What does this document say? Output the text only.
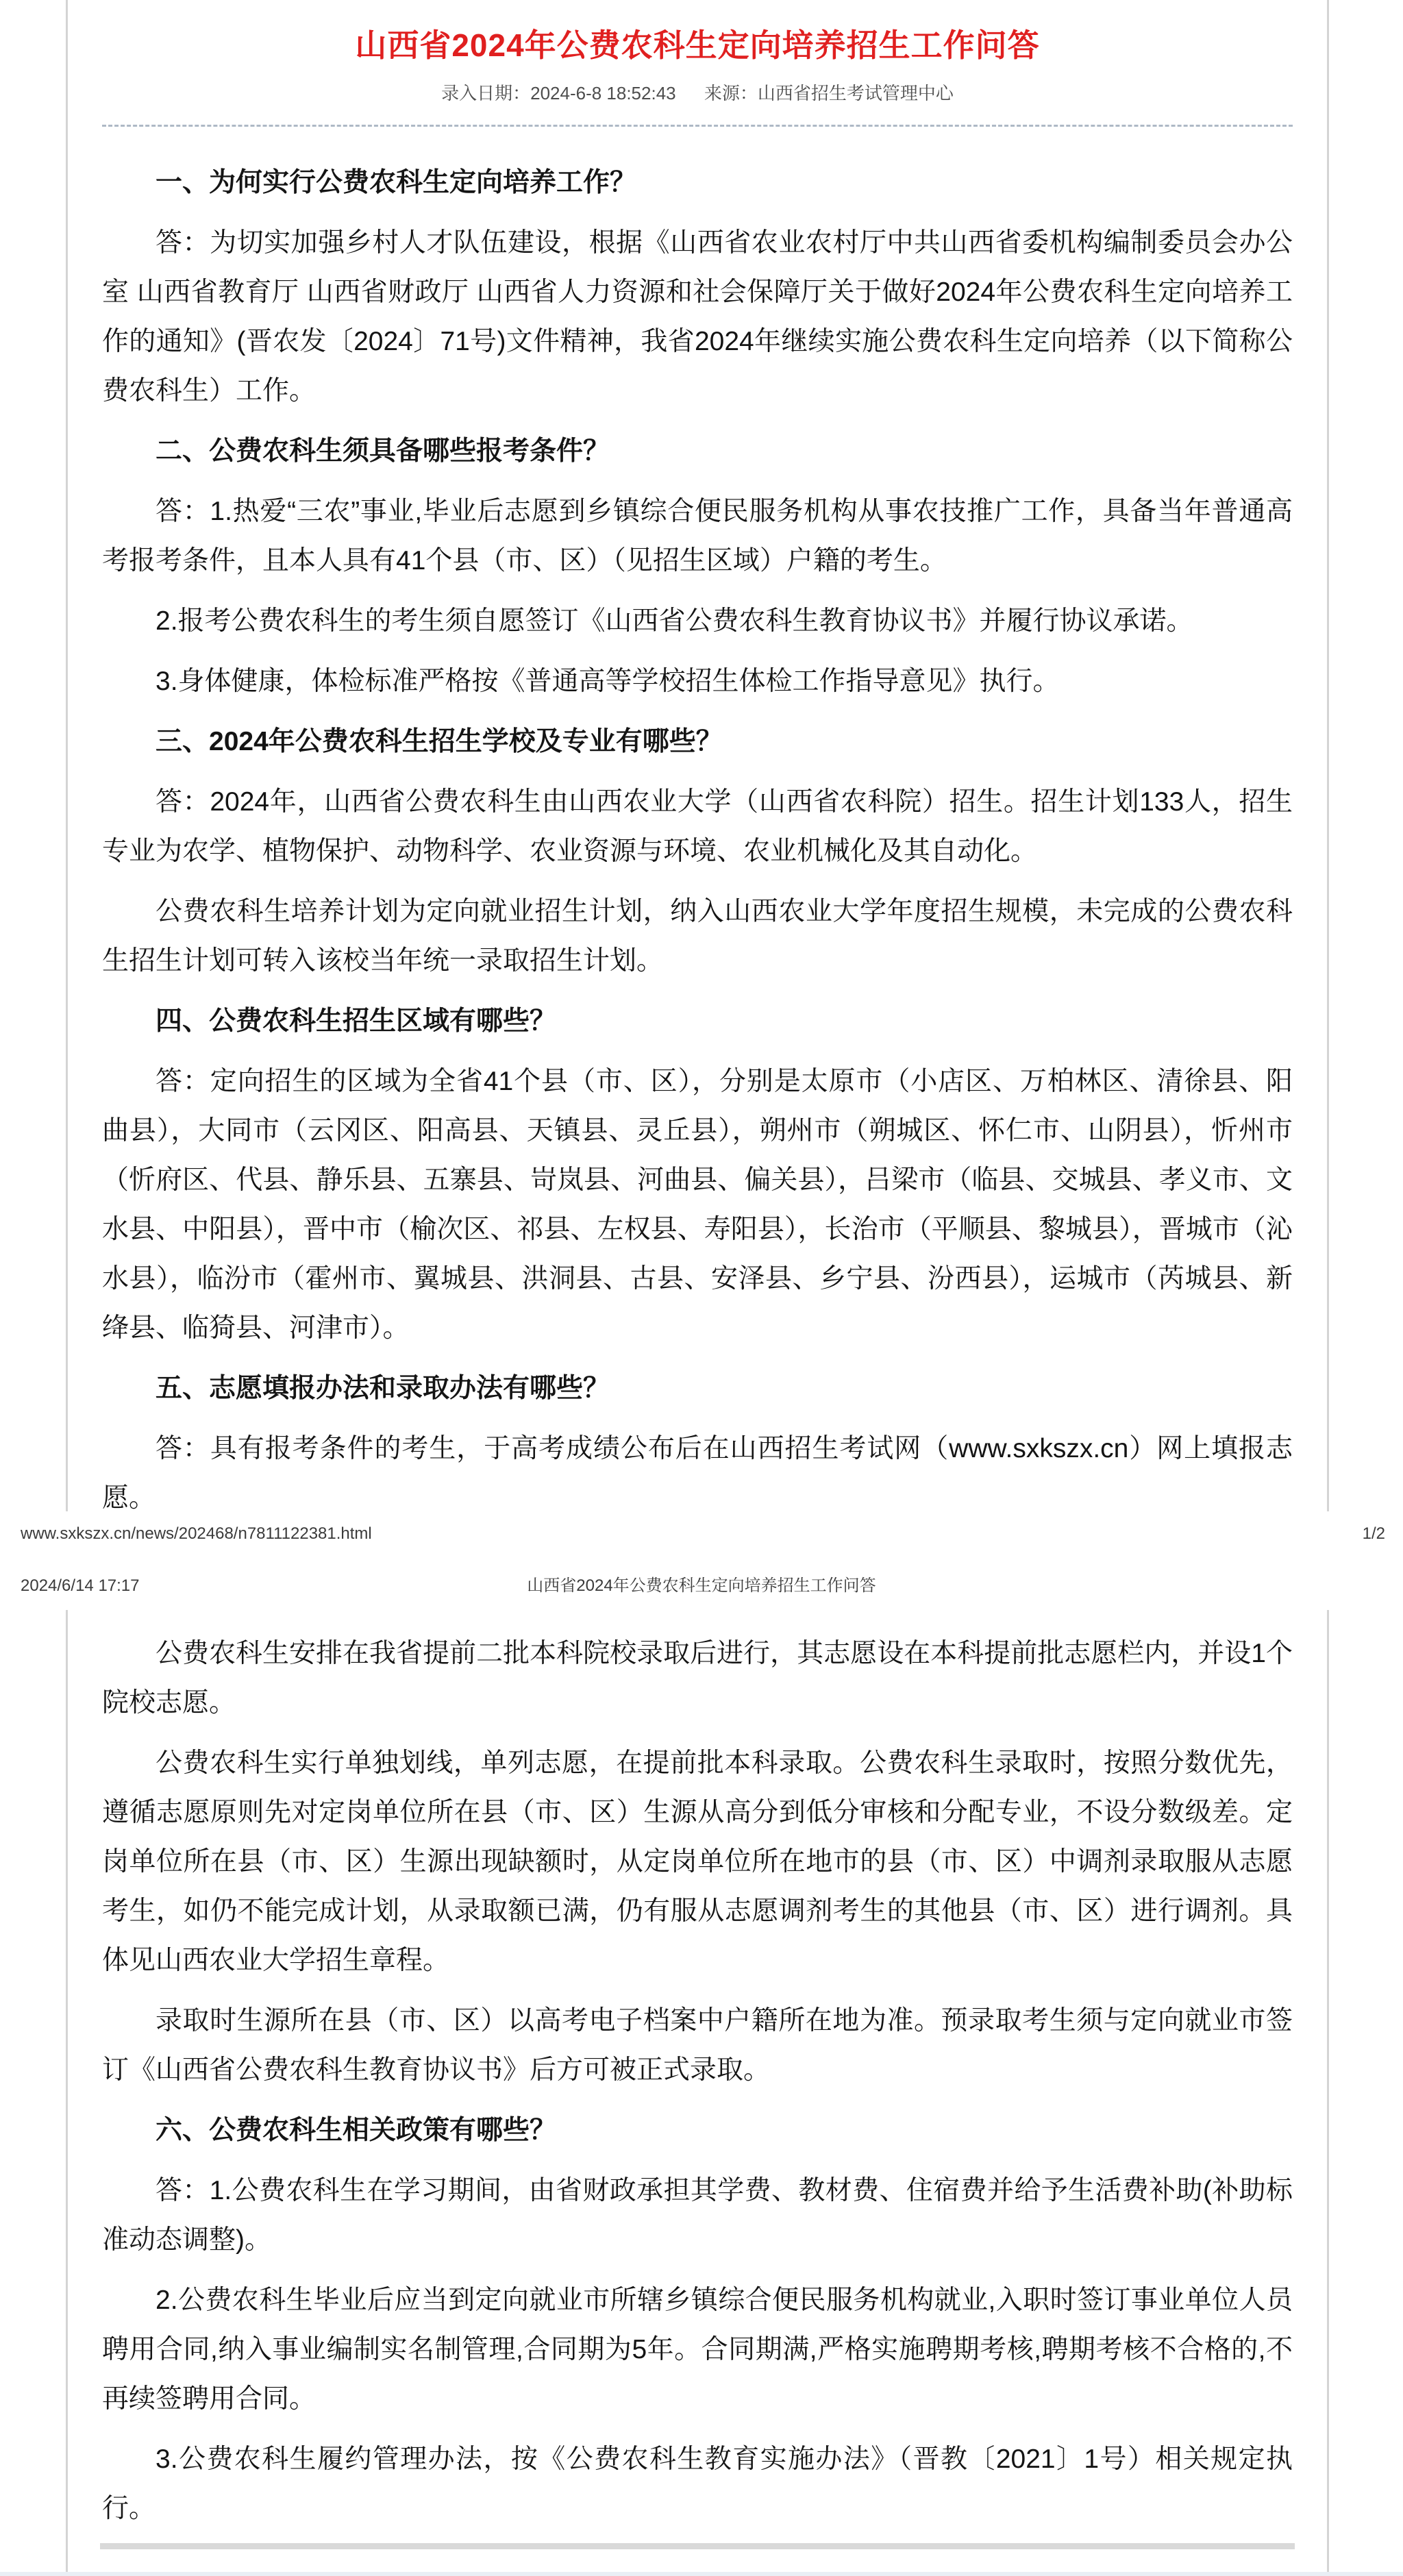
山西省2024年公费农科生定向培养招生工作问答
录入日期：2024-6-8 18:52:43 来源：山西省招生考试管理中心
一、为何实行公费农科生定向培养工作？
答：为切实加强乡村人才队伍建设，根据《山西省农业农村厅中共山西省委机构编制委员会办公室 山西省教育厅 山西省财政厅 山西省人力资源和社会保障厅关于做好2024年公费农科生定向培养工作的通知》(晋农发〔2024〕71号)文件精神，我省2024年继续实施公费农科生定向培养（以下简称公费农科生）工作。
二、公费农科生须具备哪些报考条件？
答：1.热爱“三农”事业,毕业后志愿到乡镇综合便民服务机构从事农技推广工作，具备当年普通高考报考条件，且本人具有41个县（市、区）（见招生区域）户籍的考生。
2.报考公费农科生的考生须自愿签订《山西省公费农科生教育协议书》并履行协议承诺。
3.身体健康，体检标准严格按《普通高等学校招生体检工作指导意见》执行。
三、2024年公费农科生招生学校及专业有哪些？
答：2024年，山西省公费农科生由山西农业大学（山西省农科院）招生。招生计划133人，招生专业为农学、植物保护、动物科学、农业资源与环境、农业机械化及其自动化。
公费农科生培养计划为定向就业招生计划，纳入山西农业大学年度招生规模，未完成的公费农科生招生计划可转入该校当年统一录取招生计划。
四、公费农科生招生区域有哪些？
答：定向招生的区域为全省41个县（市、区），分别是太原市（小店区、万柏林区、清徐县、阳曲县），大同市（云冈区、阳高县、天镇县、灵丘县），朔州市（朔城区、怀仁市、山阴县），忻州市（忻府区、代县、静乐县、五寨县、岢岚县、河曲县、偏关县），吕梁市（临县、交城县、孝义市、文水县、中阳县），晋中市（榆次区、祁县、左权县、寿阳县），长治市（平顺县、黎城县），晋城市（沁水县），临汾市（霍州市、翼城县、洪洞县、古县、安泽县、乡宁县、汾西县），运城市（芮城县、新绛县、临猗县、河津市）。
五、志愿填报办法和录取办法有哪些？
答：具有报考条件的考生，于高考成绩公布后在山西招生考试网（www.sxkszx.cn）网上填报志愿。
www.sxkszx.cn/news/202468/n7811122381.html	1/2
2024/6/14 17:17	山西省2024年公费农科生定向培养招生工作问答
公费农科生安排在我省提前二批本科院校录取后进行，其志愿设在本科提前批志愿栏内，并设1个院校志愿。
公费农科生实行单独划线，单列志愿，在提前批本科录取。公费农科生录取时，按照分数优先，遵循志愿原则先对定岗单位所在县（市、区）生源从高分到低分审核和分配专业，不设分数级差。定岗单位所在县（市、区）生源出现缺额时，从定岗单位所在地市的县（市、区）中调剂录取服从志愿考生，如仍不能完成计划，从录取额已满，仍有服从志愿调剂考生的其他县（市、区）进行调剂。具体见山西农业大学招生章程。
录取时生源所在县（市、区）以高考电子档案中户籍所在地为准。预录取考生须与定向就业市签订《山西省公费农科生教育协议书》后方可被正式录取。
六、公费农科生相关政策有哪些？
答：1.公费农科生在学习期间，由省财政承担其学费、教材费、住宿费并给予生活费补助(补助标准动态调整)。
2.公费农科生毕业后应当到定向就业市所辖乡镇综合便民服务机构就业,入职时签订事业单位人员聘用合同,纳入事业编制实名制管理,合同期为5年。合同期满,严格实施聘期考核,聘期考核不合格的,不再续签聘用合同。
3.公费农科生履约管理办法，按《公费农科生教育实施办法》（晋教〔2021〕1号）相关规定执行。
